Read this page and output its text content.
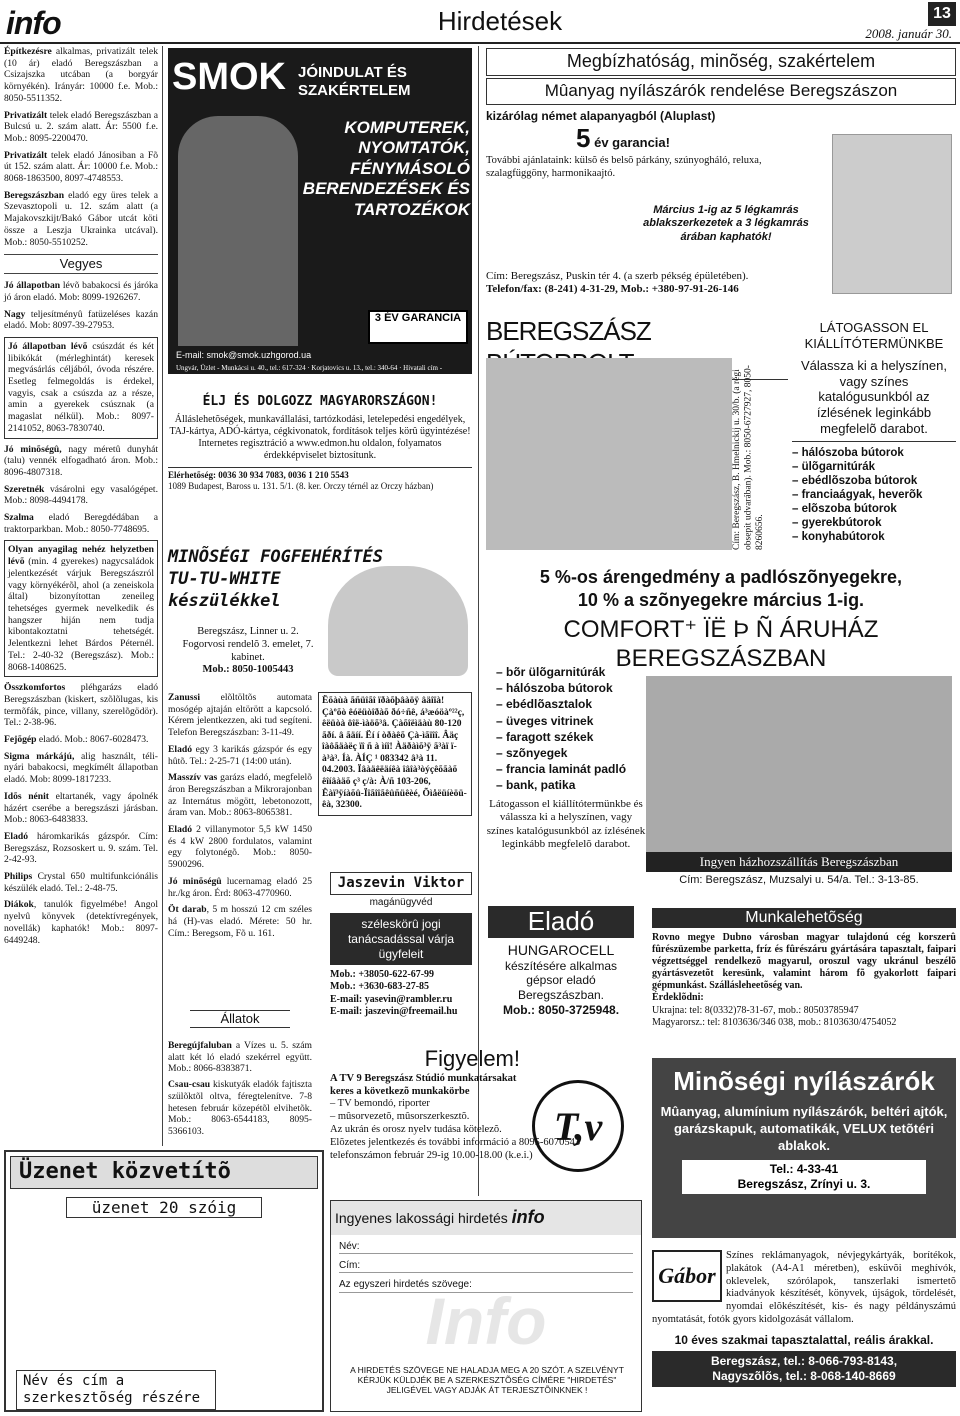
info	Hirdetések	2008. január 30.
13

Építkezésre alkalmas, privatizált telek (10 ár) eladó Beregszászban a Csizajszka utcában (a borgyár környékén). Irányár: 10000 f.e. Mob.: 8050-5511352.

Privatizált telek eladó Beregszászban a Bulcsú u. 2. szám alatt. Ár: 5500 f.e. Mob.: 8095-2200470.

Privatizált telek eladó Jánosiban a Fõ út 152. szám alatt. Ár: 10000 f.e. Mob.: 8068-1863500, 8097-4748553.

Beregszászban eladó egy üres telek a Szevasztopoli u. 12. szám alatt (a Majakovszkijt/Bakó Gábor utcát köti össze a Leszja Ukrainka utcával). Mob.: 8050-5510252.

Vegyes

Jó állapotban lévõ babakocsi és járóka jó áron eladó. Mob: 8099-1926267.

Nagy teljesítményû fatüzeléses kazán eladó. Mob: 8097-39-27953.

Jó állapotban lévõ csúszdát és két libikókát (mérleghintát) keresek megvásárlás céljából, óvoda részére. Esetleg felmegoldás is érdekel, vagyis, csak a csúszda az a része, amin a gyerekek csúsznak (a magaslat nélkül). Mob.: 8097-2141052, 8063-7830740.

Jó minõségû, nagy méretû dunyhát (talu) vennék elfogadható áron. Mob.: 8096-4807318.

Szeretnék vásárolni egy vasalógépet. Mob.: 8098-4494178.

Szalma eladó Beregdédában a traktorparkban. Mob.: 8050-7748695.

Olyan anyagilag nehéz helyzetben lévõ (min. 4 gyerekes) nagycsaládok jelentkezését várjuk Beregszászról vagy környékérõl, ahol (a zeneiskola által) bizonyítottan zeneileg tehetséges gyermek nevelkedik és hangszer hiján nem tudja kibontakoztatni tehetségét. Jelentkezni lehet Bárdos Péternél. Tel.: 2-40-32 (Beregszász). Mob.: 8068-1408625.

Összkomfortos pléhgarázs eladó Beregszászban (kiskert, szõlõlugas, kis termõfák, pince, villany, szerelõgödör). Tel.: 2-38-96.

Fejõgép eladó. Mob.: 8067-6028473.

Sigma márkájú, alig használt, téli-nyári babakocsi, megkímélt állapotban eladó. Mob: 8099-1817233.

Idõs nénit eltartanék, vagy ápolnék házért cserébe a beregszászi járásban. Mob.: 8063-6483833.

Eladó háromkarikás gázspór. Cím: Beregszász, Rozsoskert u. 9. szám. Tel. 2-42-93.

Philips Crystal 650 multifunkciónális készülék eladó. Tel.: 2-48-75.

Diákok, tanulók figyelmébe! Angol nyelvû könyvek (detektívregények, novellák) kaphatók! Mob.: 8097-6449248.

SMOK JÓINDULAT ÉS SZAKÉRTELEM
KOMPUTEREK, NYOMTATÓK, FÉNYMÁSOLÓ BERENDEZÉSEK ÉS TARTOZÉKOK
3 ÉV GARANCIA
E-mail: smok@smok.uzhgorod.ua
Ungvár, Üzlet - Munkácsi u. 40., tel.: 617-324 · Korjatovics u. 13., tel.: 340-64 · Hivatali cím - Ukrainszkaja u. 41., tel.: 615-444
ÉLJ ÉS DOLGOZZ MAGYARORSZÁGON!
Álláslehetõségek, munkavállalási, tartózkodási, letelepedési engedélyek, TAJ-kártya, ADÓ-kártya, cégkivonatok, fordítások teljes körû ügyintézése! Internetes regisztráció a www.edmon.hu oldalon, folyamatos érdekképviselet biztosítunk.
Elérhetõség: 0036 30 934 7083, 0036 1 210 5543
1089 Budapest, Baross u. 131. 5/1. (8. ker. Orczy térnél az Orczy házban)
MINÕSÉGI FOGFEHÉRÍTÉS
TU-TU-WHITE
készülékkel
Beregszász, Linner u. 2. Fogorvosi rendelõ 3. emelet, 7. kabinet.
Mob.: 8050-1005443

Zanussi elõltöltõs automata mosógép ajtaján eltörött a kapcsoló. Kérem jelentkezzen, aki tud segíteni. Telefon Beregszászban: 3-11-49.

Eladó egy 3 karikás gázspór és egy hûtõ. Tel.: 2-25-71 (14:00 után).

Masszív vas garázs eladó, megfelelõ áron Beregszászban a Mikrorajonban az Internátus mögött, lebetonozott, áram van. Mob.: 8063-8065381.

Eladó 2 villanymotor 5,5 kW 1450 és 4 kW 2800 fordulatos, valamint egy folytonégõ. Mob.: 8050-5900296.

Jó minõségû lucernamag eladó 25 hr./kg áron. Érd: 8063-4770960.

Öt darab, 5 m hosszú 12 cm széles há (H)-vas eladó. Mérete: 50 hr. Cím.: Beregsom, Fõ u. 161.

Ëõàùà ãñüîãî ïðàõþâàöÿ âäîïà! Çàºõò êóëüòîðàõ ðó÷ñê, á³æóöàº²²ç, êëüòà ôîë-ìàöõ³â. Çàõîëìäàù 80-120 ãðí. â ãäíí. Ëí í òðàêõ Çà-ìãïîî. Âäç îàôãäàëç ïî ñ à ìíî! Àäðàìõ³ÿ ã³àï ï-à³à³. Íà. ÀÍÇ ¹ 083342 â³à 11. 04.2003. Ïâàäêëäíêà îâîà³òýçêõãàõ êîíâàäõ ç³ ç/à: À/ñ 103-206, Êàï³ÿíàõû-Ïîãîîãêûñüêèé, Õìåëüíèöü-êà, 32300.
Jaszevin Viktor
magánügyvéd
széleskörû jogi tanácsadással várja ügyfeleit
Mob.: +38050-622-67-99
Mob.: +3630-683-27-85
E-mail: yasevin@rambler.ru
E-mail: jaszevin@freemail.hu
Állatok

Beregújfaluban a Vízes u. 5. szám alatt két ló eladó szekérrel együtt. Mob.: 8066-8383871.

Csau-csau kiskutyák eladók fajtiszta szülõktõl oltva, féregtelenítve. 7-8 hetesen február közepétõl elvihetõk. Mob.: 8063-6544183, 8095-5366103.

Megbízhatóság, minõség, szakértelem
Mûanyag nyílászárók rendelése Beregszászon
kizárólag német alapanyagból (Aluplast)
5 év garancia!
További ajánlataink: külsõ és belsõ párkány, szúnyogháló, reluxa, szalagfüggöny, harmonikaajtó.
Március 1-ig az 5 légkamrás ablakszerkezetek a 3 légkamrás árában kaphatók!
Cím: Beregszász, Puskin tér 4. (a szerb pékség épületében).
Telefon/fax: (8-241) 4-31-29, Mob.: +380-97-91-26-146
BEREGSZÁSZ
Cím: Beregszász, B. Hmelnickij u. 30/b. (a régi obsepit udvarában). Mob.: 8050-6727927, 8050-8260656.
LÁTOGASSON EL KIÁLLÍTÓTERMÜNKBE
Válassza ki a helyszínen, vagy színes katalógusunkból az ízlésének leginkább megfelelõ darabot.
– hálószoba bútorok
– ülõgarnitúrák
– ebédlõszoba bútorok
– franciaágyak, heverõk
– elõszoba bútorok
– gyerekbútorok
– konyhabútorok
5 %-os árengedmény a padlószõnyegekre,
10 % a szõnyegekre március 1-ig.
COMFORT⁺ ÏË Þ Ñ ÁRUHÁZ BEREGSZÁSZBAN
– bõr ülõgarnitúrák
– hálószoba bútorok
– ebédlõasztalok
– üveges vitrinek
– faragott székek
– szõnyegek
– francia laminát padló
– bank, patika
Látogasson el kiállítótermünkbe és válassza ki a helyszínen, vagy színes katalógusunkból az ízlésének leginkább megfelelõ darabot.
Ingyen házhozszállítás Beregszászban
Cím: Beregszász, Muzsalyi u. 54/a. Tel.: 3-13-85.
Eladó
HUNGAROCELL
készítésére alkalmas gépsor eladó Beregszászban.
Mob.: 8050-3725948.
Munkalehetõség
Rovno megye Dubno városban magyar tulajdonú cég korszerû fûrészüzembe parketta, fríz és fûrészáru gyártására tapasztalt, faipari végzettséggel rendelkezõ magyarul, oroszul vagy ukránul beszélõ gyártásvezetõt keresünk, valamint három fõ gyakorlott faipari gépmunkást. Szállásleheetõség van.
Érdeklõdni:
Ukrajna: tel: 8(0332)78-31-67, mob.: 80503785947
Magyarorsz.: tel: 8103636/346 038, mob.: 8103630/4754052
Figyelem!
A TV 9 Beregszász Stúdió munkatársakat keres a következõ munkakörbe
– TV bemondó, riporter
– mûsorvezetõ, mûsorszerkesztõ.
Az ukrán és orosz nyelv tudása kötelezõ.
Elõzetes jelentkezés és további információ a 8095-6070543 telefonszámon február 29-ig 10.00-18.00 (k.e.i.)
T,v
Minõségi nyílászárók
Mûanyag, alumínium nyílászárók, beltéri ajtók, garázskapuk, automatikák, VELUX tetõtéri ablakok.
Tel.: 4-33-41
Beregszász, Zrínyi u. 3.
Üzenet közvetítõ
üzenet 20 szóig
Név és cím a szerkesztõség részére
Ingyenes lakossági hirdetés info
Név:
Cím:
Az egyszeri hirdetés szövege:
Info
A HIRDETÉS SZÖVEGE NE HALADJA MEG A 20 SZÓT. A SZELVÉNYT KÉRJÜK KÜLDJÉK BE A SZERKESZTÕSÉG CÍMÉRE "HIRDETÉS" JELIGÉVEL VAGY ADJÁK ÁT TERJESZTÕINKNEK !
Gábor
Színes reklámanyagok, névjegykártyák, borítékok, plakátok (A4-A1 méretben), esküvõi meghívók, oklevelek, szórólapok, tanszerlaki ismertetõ kiadványok készítését, könyvek, újságok, tördelését, nyomdai elõkészítését, kis- és nagy példányszámú nyomtatását, fotók gyors kidolgozását vállalom.
10 éves szakmai tapasztalattal, reális árakkal.
Beregszász, tel.: 8-066-793-8143,
Nagyszõlõs, tel.: 8-068-140-8669
